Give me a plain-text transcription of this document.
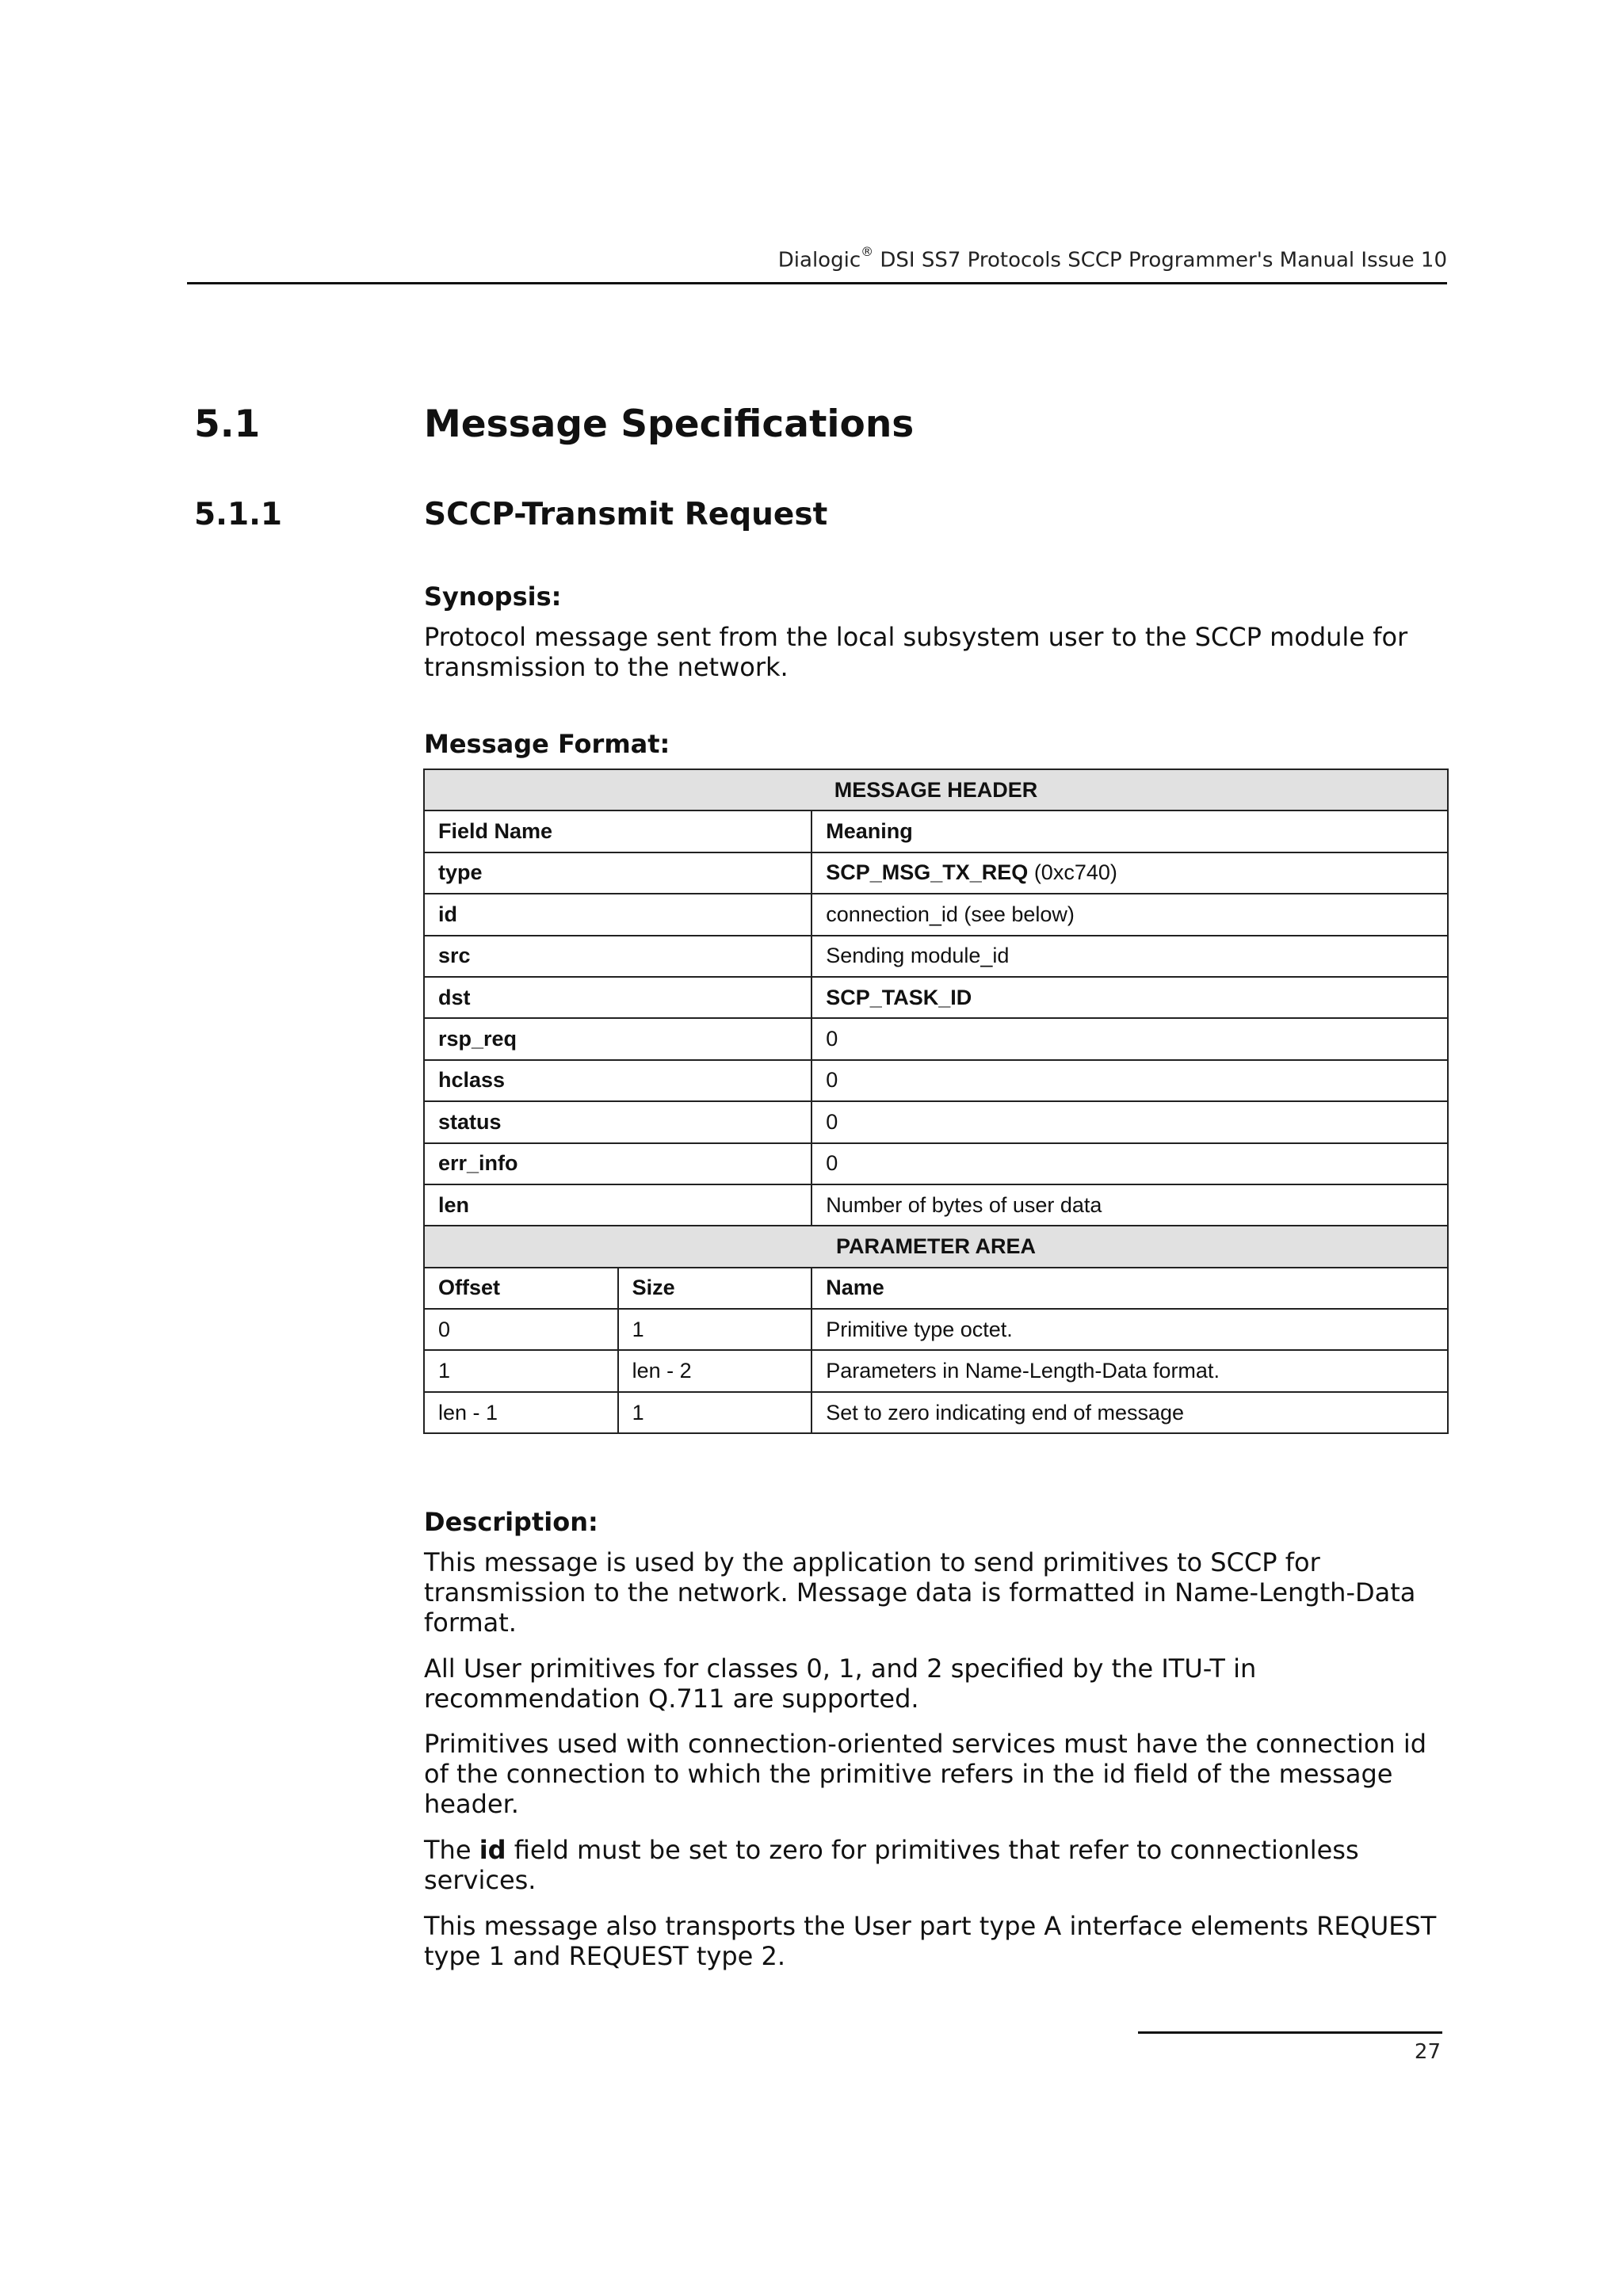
Dialogic® DSI SS7 Protocols SCCP Programmer's Manual Issue 10
5.1	Message Specifications
5.1.1	SCCP-Transmit Request
Synopsis:
Protocol message sent from the local subsystem user to the SCCP module for transmission to the network.
Message Format:
MESSAGE HEADER		
Field Name		Meaning
type		SCP_MSG_TX_REQ (0xc740)
id		connection_id (see below)
src		Sending module_id
dst		SCP_TASK_ID
rsp_req		0
hclass		0
status		0
err_info		0
len		Number of bytes of user data
PARAMETER AREA		
Offset	Size	Name
0	1	Primitive type octet.
1	len - 2	Parameters in Name-Length-Data format.
len - 1	1	Set to zero indicating end of message
Description:
This message is used by the application to send primitives to SCCP for transmission to the network. Message data is formatted in Name-Length-Data format.
All User primitives for classes 0, 1, and 2 specified by the ITU-T in recommendation Q.711 are supported.
Primitives used with connection-oriented services must have the connection id of the connection to which the primitive refers in the id field of the message header.
The id field must be set to zero for primitives that refer to connectionless services.
This message also transports the User part type A interface elements REQUEST type 1 and REQUEST type 2.
27
